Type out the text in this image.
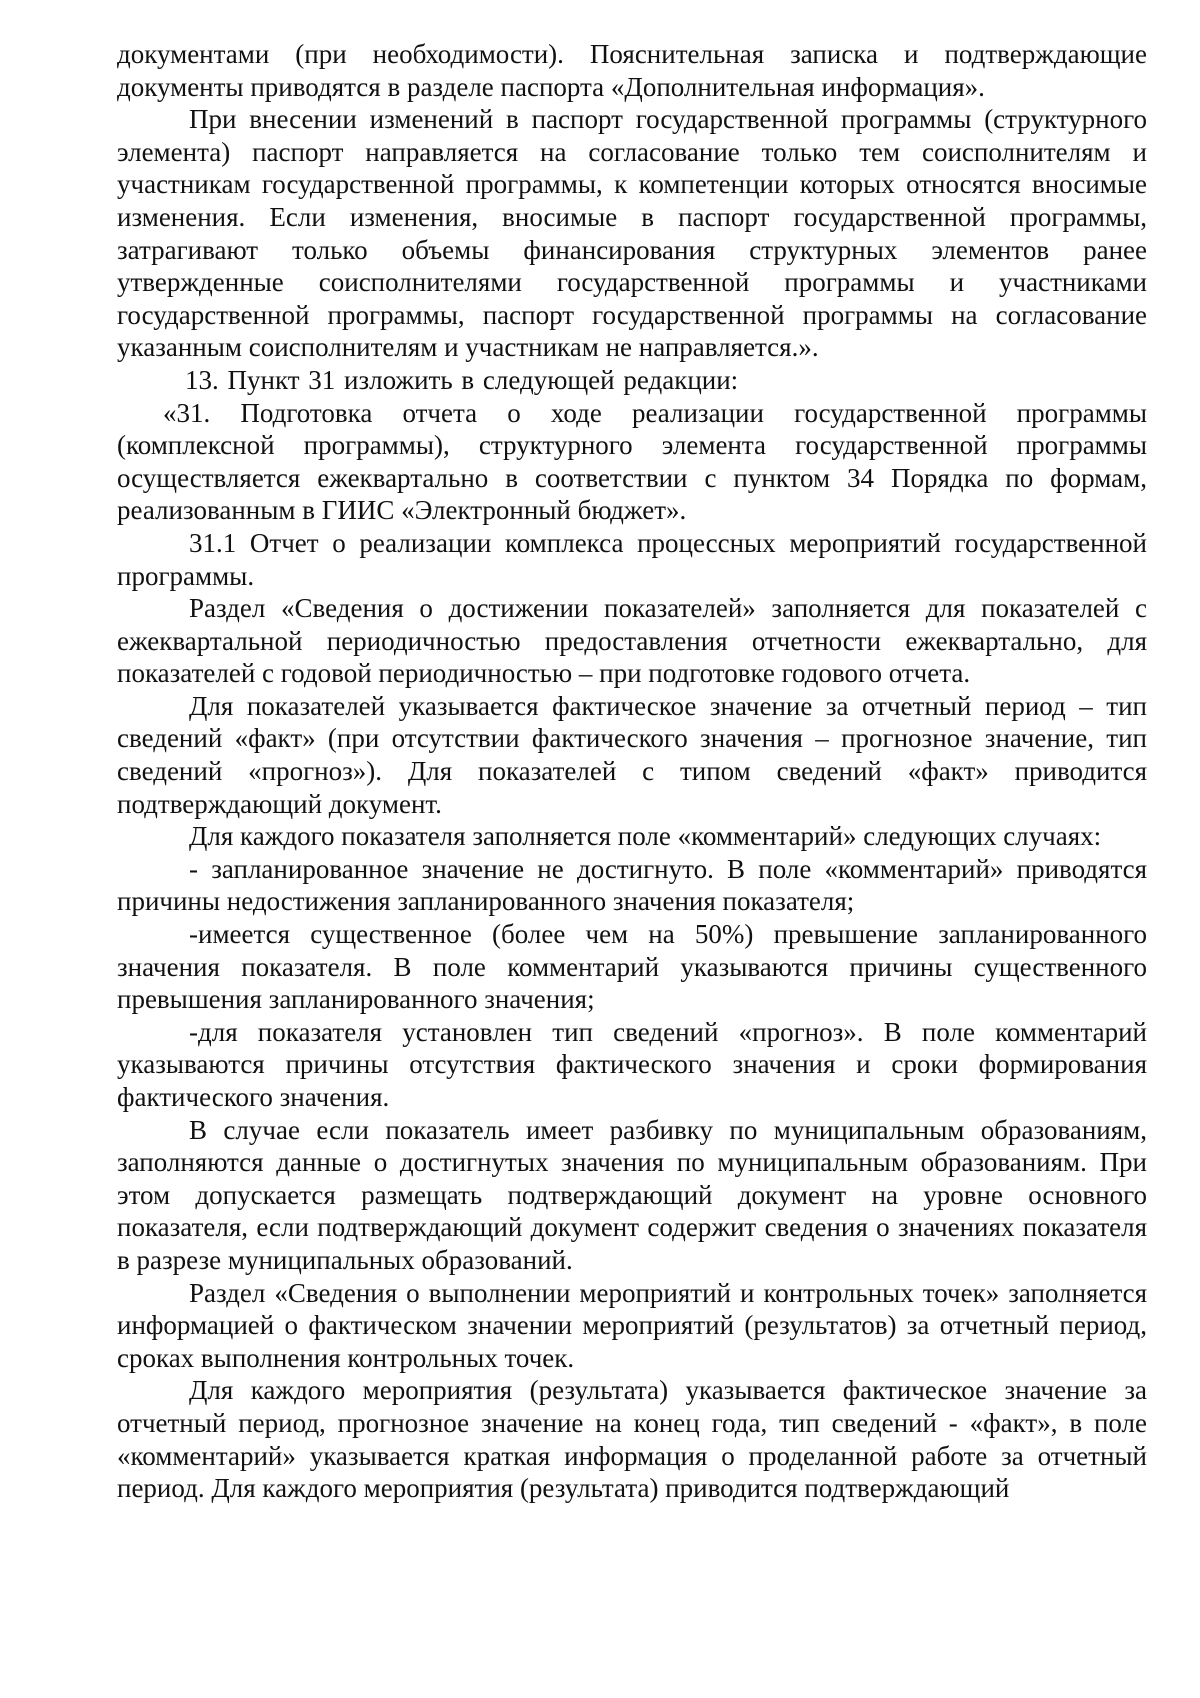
документами (при необходимости). Пояснительная записка и подтверждающие документы приводятся в разделе паспорта «Дополнительная информация».

При внесении изменений в паспорт государственной программы (структурного элемента) паспорт направляется на согласование только тем соисполнителям и участникам государственной программы, к компетенции которых относятся вносимые изменения. Если изменения, вносимые в паспорт государственной программы, затрагивают только объемы финансирования структурных элементов ранее утвержденные соисполнителями государственной программы и участниками государственной программы, паспорт государственной программы на согласование указанным соисполнителям и участникам не направляется.».

13. Пункт 31 изложить в следующей редакции:

«31. Подготовка отчета о ходе реализации государственной программы (комплексной программы), структурного элемента государственной программы осуществляется ежеквартально в соответствии с пунктом 34 Порядка по формам, реализованным в ГИИС «Электронный бюджет».

31.1 Отчет о реализации комплекса процессных мероприятий государственной программы.

Раздел «Сведения о достижении показателей» заполняется для показателей с ежеквартальной периодичностью предоставления отчетности ежеквартально, для показателей с годовой периодичностью – при подготовке годового отчета.

Для показателей указывается фактическое значение за отчетный период – тип сведений «факт» (при отсутствии фактического значения – прогнозное значение, тип сведений «прогноз»). Для показателей с типом сведений «факт» приводится подтверждающий документ.

Для каждого показателя заполняется поле «комментарий» следующих случаях:

- запланированное значение не достигнуто. В поле «комментарий» приводятся причины недостижения запланированного значения показателя;

-имеется существенное (более чем на 50%) превышение запланированного значения показателя. В поле комментарий указываются причины существенного превышения запланированного значения;

-для показателя установлен тип сведений «прогноз». В поле комментарий указываются причины отсутствия фактического значения и сроки формирования фактического значения.

В случае если показатель имеет разбивку по муниципальным образованиям, заполняются данные о достигнутых значения по муниципальным образованиям. При этом допускается размещать подтверждающий документ на уровне основного показателя, если подтверждающий документ содержит сведения о значениях показателя в разрезе муниципальных образований.

Раздел «Сведения о выполнении мероприятий и контрольных точек» заполняется информацией о фактическом значении мероприятий (результатов) за отчетный период, сроках выполнения контрольных точек.

Для каждого мероприятия (результата) указывается фактическое значение за отчетный период, прогнозное значение на конец года, тип сведений - «факт», в поле «комментарий» указывается краткая информация о проделанной работе за отчетный период. Для каждого мероприятия (результата) приводится подтверждающий
